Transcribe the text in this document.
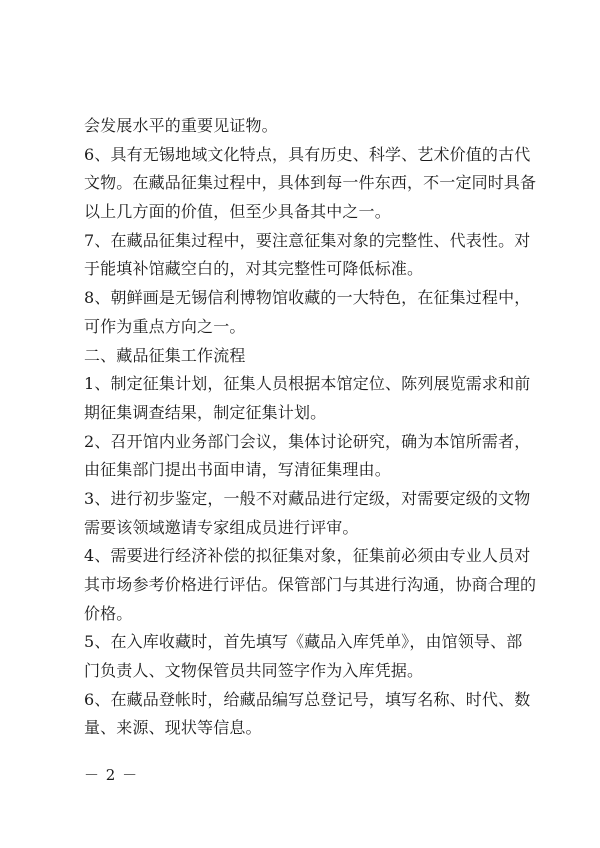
会发展水平的重要见证物。
6、具有无锡地域文化特点，具有历史、科学、艺术价值的古代
文物。在藏品征集过程中，具体到每一件东西，不一定同时具备
以上几方面的价值，但至少具备其中之一。
7、在藏品征集过程中，要注意征集对象的完整性、代表性。对
于能填补馆藏空白的，对其完整性可降低标准。
8、朝鲜画是无锡信利博物馆收藏的一大特色，在征集过程中，
可作为重点方向之一。
二、藏品征集工作流程
1、制定征集计划，征集人员根据本馆定位、陈列展览需求和前
期征集调查结果，制定征集计划。
2、召开馆内业务部门会议，集体讨论研究，确为本馆所需者，
由征集部门提出书面申请，写清征集理由。
3、进行初步鉴定，一般不对藏品进行定级，对需要定级的文物
需要该领域邀请专家组成员进行评审。
4、需要进行经济补偿的拟征集对象，征集前必须由专业人员对
其市场参考价格进行评估。保管部门与其进行沟通，协商合理的
价格。
5、在入库收藏时，首先填写《藏品入库凭单》，由馆领导、部
门负责人、文物保管员共同签字作为入库凭据。
6、在藏品登帐时，给藏品编写总登记号，填写名称、时代、数
量、来源、现状等信息。
－ 2 －
